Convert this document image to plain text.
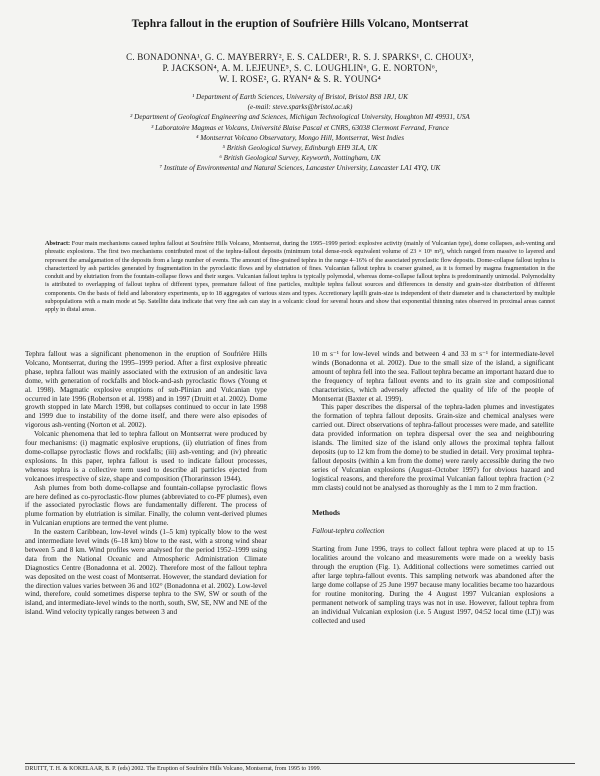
Tephra fallout in the eruption of Soufrière Hills Volcano, Montserrat
C. BONADONNA¹, G. C. MAYBERRY², E. S. CALDER¹, R. S. J. SPARKS¹, C. CHOUX³,
P. JACKSON⁴, A. M. LEJEUNE⁵, S. C. LOUGHLIN⁶, G. E. NORTON⁶,
W. I. ROSE², G. RYAN⁴ & S. R. YOUNG⁴
¹ Department of Earth Sciences, University of Bristol, Bristol BS8 1RJ, UK
(e-mail: steve.sparks@bristol.ac.uk)
² Department of Geological Engineering and Sciences, Michigan Technological University, Houghton MI 49931, USA
³ Laboratoire Magmas et Volcans, Université Blaise Pascal et CNRS, 63038 Clermont Ferrand, France
⁴ Montserrat Volcano Observatory, Mongo Hill, Montserrat, West Indies
⁵ British Geological Survey, Edinburgh EH9 3LA, UK
⁶ British Geological Survey, Keyworth, Nottingham, UK
⁷ Institute of Environmental and Natural Sciences, Lancaster University, Lancaster LA1 4YQ, UK
Abstract: Four main mechanisms caused tephra fallout at Soufrière Hills Volcano, Montserrat, during the 1995–1999 period: explosive activity (mainly of Vulcanian type), dome collapses, ash-venting and phreatic explosions. The first two mechanisms contributed most of the tephra-fallout deposits (minimum total dense-rock equivalent volume of 23 × 10⁶ m³), which ranged from massive to layered and represent the amalgamation of the deposits from a large number of events. The amount of fine-grained tephra in the range 4–16% of the associated pyroclastic flow deposits. Dome-collapse fallout tephra is characterized by ash particles generated by fragmentation in the pyroclastic flows and by elutriation of fines. Vulcanian fallout tephra is coarser grained, as it is formed by magma fragmentation in the conduit and by elutriation from the fountain-collapse flows and their surges. Vulcanian fallout tephra is typically polymodal, whereas dome-collapse fallout tephra is predominantly unimodal. Polymodality is attributed to overlapping of fallout tephra of different types, premature fallout of fine particles, multiple tephra fallout sources and differences in density and grain-size distribution of different components. On the basis of field and laboratory experiments, up to 18 aggregates of various sizes and types. Accretionary lapilli grain-size is independent of their diameter and is characterized by multiple subpopulations with a main mode at 5φ. Satellite data indicate that very fine ash can stay in a volcanic cloud for several hours and show that exponential thinning rates observed in proximal areas cannot apply in distal areas.

Tephra fallout was a significant phenomenon in the eruption of Soufrière Hills Volcano, Montserrat, during the 1995–1999 period. After a first explosive phreatic phase, tephra fallout was mainly associated with the extrusion of an andesitic lava dome, with generation of rockfalls and block-and-ash pyroclastic flows (Young et al. 1998). Magmatic explosive eruptions of sub-Plinian and Vulcanian type occurred in late 1996 (Robertson et al. 1998) and in 1997 (Druitt et al. 2002). Dome growth stopped in late March 1998, but collapses continued to occur in late 1998 and 1999 due to instability of the dome itself, and there were also episodes of vigorous ash-venting (Norton et al. 2002).

Volcanic phenomena that led to tephra fallout on Montserrat were produced by four mechanisms: (i) magmatic explosive eruptions, (ii) elutriation of fines from dome-collapse pyroclastic flows and rockfalls; (iii) ash-venting; and (iv) phreatic explosions. In this paper, tephra fallout is used to indicate fallout processes, whereas tephra is a collective term used to describe all particles ejected from volcanoes irrespective of size, shape and composition (Thorarinsson 1944).

Ash plumes from both dome-collapse and fountain-collapse pyroclastic flows are here defined as co-pyroclastic-flow plumes (abbreviated to co-PF plumes), even if the associated pyroclastic flows are fundamentally different. The process of plume formation by elutriation is similar. Finally, the column vent-derived plumes in Vulcanian eruptions are termed the vent plume.

In the eastern Caribbean, low-level winds (1–5 km) typically blow to the west and intermediate level winds (6–18 km) blow to the east, with a strong wind shear between 5 and 8 km. Wind profiles were analysed for the period 1952–1999 using data from the National Oceanic and Atmospheric Administration Climate Diagnostics Centre (Bonadonna et al. 2002). Therefore most of the fallout tephra was deposited on the west coast of Montserrat. However, the standard deviation for the direction values varies between 36 and 102° (Bonadonna et al. 2002). Low-level wind, therefore, could sometimes disperse tephra to the SW, SW or south of the island, and intermediate-level winds to the north, south, SW, SE, NW and NE of the island. Wind velocity typically ranges between 3 and

10 m s⁻¹ for low-level winds and between 4 and 33 m s⁻¹ for intermediate-level winds (Bonadonna et al. 2002). Due to the small size of the island, a significant amount of tephra fell into the sea. Fallout tephra became an important hazard due to the frequency of tephra fallout events and to its grain size and compositional characteristics, which adversely affected the quality of life of the people of Montserrat (Baxter et al. 1999).

This paper describes the dispersal of the tephra-laden plumes and investigates the formation of tephra fallout deposits. Grain-size and chemical analyses were carried out. Direct observations of tephra-fallout processes were made, and satellite data provided information on tephra dispersal over the sea and neighbouring islands. The limited size of the island only allows the proximal tephra fallout deposits (up to 12 km from the dome) to be studied in detail. Very proximal tephra-fallout deposits (within a km from the dome) were rarely accessible during the two series of Vulcanian explosions (August–October 1997) for obvious hazard and logistical reasons, and therefore the proximal Vulcanian fallout tephra fraction (>2 mm clasts) could not be analysed as thoroughly as the 1 mm to 2 mm fraction.

Methods
Fallout-tephra collection

Starting from June 1996, trays to collect fallout tephra were placed at up to 15 localities around the volcano and measurements were made on a weekly basis through the eruption (Fig. 1). Additional collections were sometimes carried out after large tephra-fallout events. This sampling network was abandoned after the large dome collapse of 25 June 1997 because many localities became too hazardous for routine monitoring. During the 4 August 1997 Vulcanian explosions a permanent network of sampling trays was not in use. However, fallout tephra from an individual Vulcanian explosion (i.e. 5 August 1997, 04:52 local time (LT)) was collected and used

DRUITT, T. H. & KOKELAAR, B. P. (eds) 2002. The Eruption of Soufrière Hills Volcano, Montserrat, from 1995 to 1999.
